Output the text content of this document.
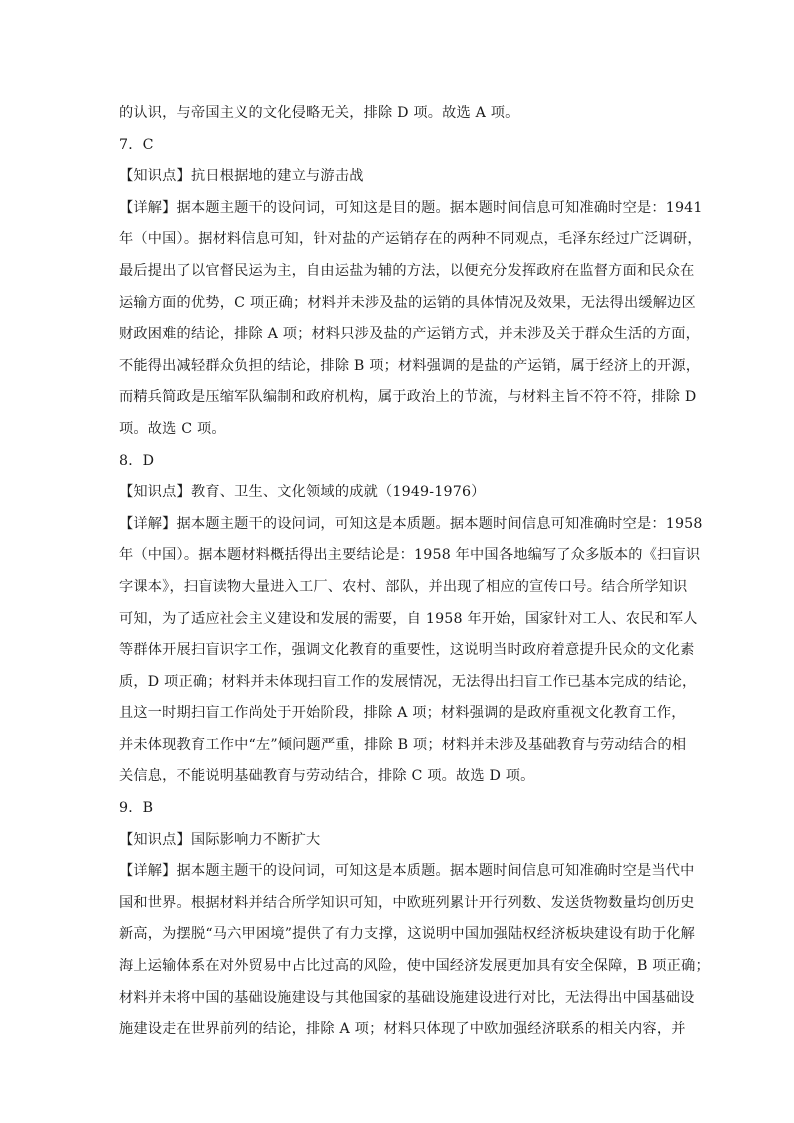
的认识，与帝国主义的文化侵略无关，排除 D 项。故选 A 项。
7．C
【知识点】抗日根据地的建立与游击战
【详解】据本题主题干的设问词，可知这是目的题。据本题时间信息可知准确时空是：1941
年（中国）。据材料信息可知，针对盐的产运销存在的两种不同观点，毛泽东经过广泛调研，
最后提出了以官督民运为主，自由运盐为辅的方法，以便充分发挥政府在监督方面和民众在
运输方面的优势，C 项正确；材料并未涉及盐的运销的具体情况及效果，无法得出缓解边区
财政困难的结论，排除 A 项；材料只涉及盐的产运销方式，并未涉及关于群众生活的方面，
不能得出减轻群众负担的结论，排除 B 项；材料强调的是盐的产运销，属于经济上的开源，
而精兵简政是压缩军队编制和政府机构，属于政治上的节流，与材料主旨不符不符，排除 D
项。故选 C 项。
8．D
【知识点】教育、卫生、文化领域的成就（1949-1976）
【详解】据本题主题干的设问词，可知这是本质题。据本题时间信息可知准确时空是：1958
年（中国）。据本题材料概括得出主要结论是：1958 年中国各地编写了众多版本的《扫盲识
字课本》，扫盲读物大量进入工厂、农村、部队，并出现了相应的宣传口号。结合所学知识
可知，为了适应社会主义建设和发展的需要，自 1958 年开始，国家针对工人、农民和军人
等群体开展扫盲识字工作，强调文化教育的重要性，这说明当时政府着意提升民众的文化素
质，D 项正确；材料并未体现扫盲工作的发展情况，无法得出扫盲工作已基本完成的结论，
且这一时期扫盲工作尚处于开始阶段，排除 A 项；材料强调的是政府重视文化教育工作，
并未体现教育工作中“左”倾问题严重，排除 B 项；材料并未涉及基础教育与劳动结合的相
关信息，不能说明基础教育与劳动结合，排除 C 项。故选 D 项。
9．B
【知识点】国际影响力不断扩大
【详解】据本题主题干的设问词，可知这是本质题。据本题时间信息可知准确时空是当代中
国和世界。根据材料并结合所学知识可知，中欧班列累计开行列数、发送货物数量均创历史
新高，为摆脱“马六甲困境”提供了有力支撑，这说明中国加强陆权经济板块建设有助于化解
海上运输体系在对外贸易中占比过高的风险，使中国经济发展更加具有安全保障，B 项正确；
材料并未将中国的基础设施建设与其他国家的基础设施建设进行对比，无法得出中国基础设
施建设走在世界前列的结论，排除 A 项；材料只体现了中欧加强经济联系的相关内容，并
